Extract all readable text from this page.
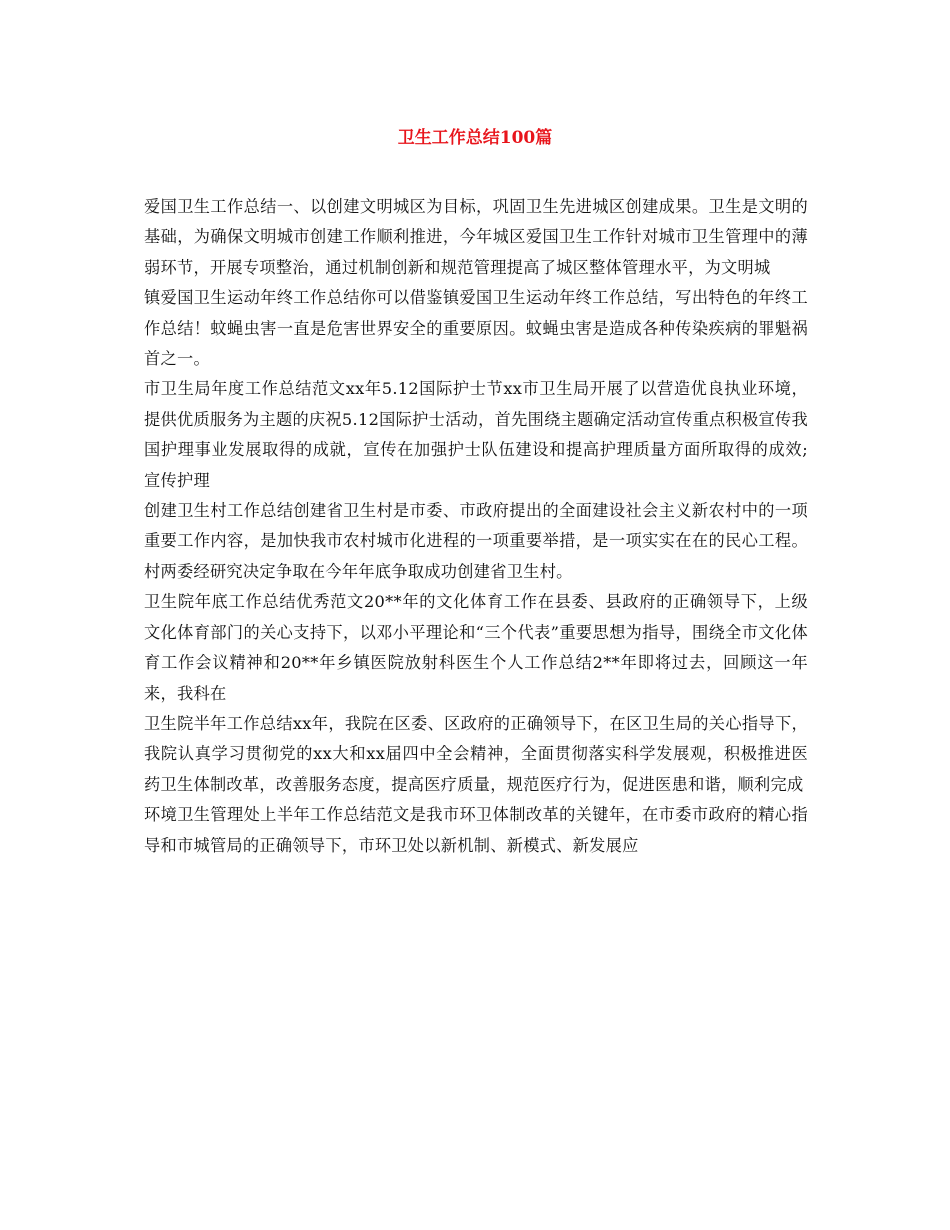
卫生工作总结100篇

爱国卫生工作总结一、以创建文明城区为目标，巩固卫生先进城区创建成果。卫生是文明的基础，为确保文明城市创建工作顺利推进，今年城区爱国卫生工作针对城市卫生管理中的薄弱环节，开展专项整治，通过机制创新和规范管理提高了城区整体管理水平，为文明城

镇爱国卫生运动年终工作总结你可以借鉴镇爱国卫生运动年终工作总结，写出特色的年终工作总结！蚊蝇虫害一直是危害世界安全的重要原因。蚊蝇虫害是造成各种传染疾病的罪魁祸首之一。

市卫生局年度工作总结范文xx年5.12国际护士节xx市卫生局开展了以营造优良执业环境，提供优质服务为主题的庆祝5.12国际护士活动，首先围绕主题确定活动宣传重点积极宣传我国护理事业发展取得的成就，宣传在加强护士队伍建设和提高护理质量方面所取得的成效;宣传护理

创建卫生村工作总结创建省卫生村是市委、市政府提出的全面建设社会主义新农村中的一项重要工作内容，是加快我市农村城市化进程的一项重要举措，是一项实实在在的民心工程。村两委经研究决定争取在今年年底争取成功创建省卫生村。

卫生院年底工作总结优秀范文20**年的文化体育工作在县委、县政府的正确领导下，上级文化体育部门的关心支持下，以邓小平理论和“三个代表”重要思想为指导，围绕全市文化体育工作会议精神和20**年乡镇医院放射科医生个人工作总结2**年即将过去，回顾这一年来，我科在

卫生院半年工作总结xx年，我院在区委、区政府的正确领导下，在区卫生局的关心指导下，我院认真学习贯彻党的xx大和xx届四中全会精神，全面贯彻落实科学发展观，积极推进医药卫生体制改革，改善服务态度，提高医疗质量，规范医疗行为，促进医患和谐，顺利完成

环境卫生管理处上半年工作总结范文是我市环卫体制改革的关键年，在市委市政府的精心指导和市城管局的正确领导下，市环卫处以新机制、新模式、新发展应
